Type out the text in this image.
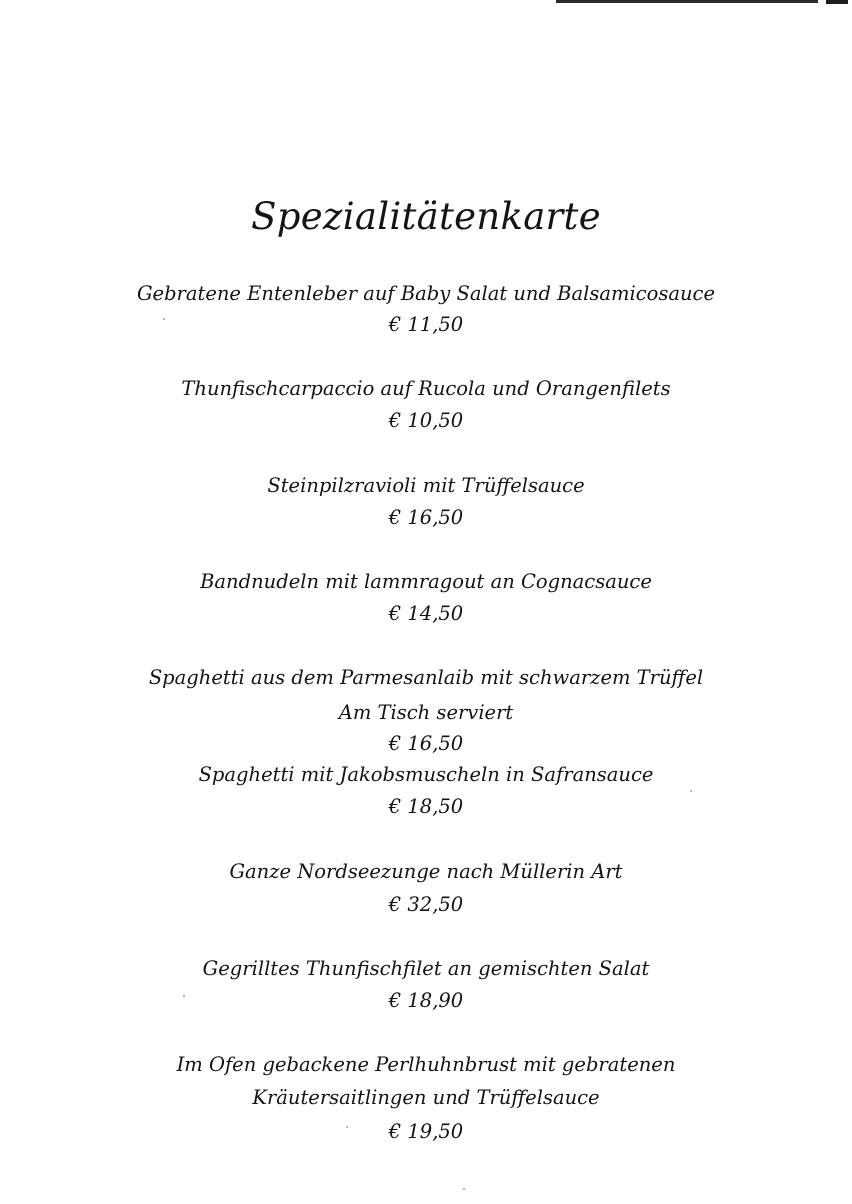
Spezialitätenkarte
Gebratene Entenleber auf Baby Salat und Balsamicosauce
€ 11,50
Thunfischcarpaccio auf Rucola und Orangenfilets
€ 10,50
Steinpilzravioli mit Trüffelsauce
€ 16,50
Bandnudeln mit lammragout an Cognacsauce
€ 14,50
Spaghetti aus dem Parmesanlaib mit schwarzem Trüffel
Am Tisch serviert
€ 16,50
Spaghetti mit Jakobsmuscheln in Safransauce
€ 18,50
Ganze Nordseezunge nach Müllerin Art
€ 32,50
Gegrilltes Thunfischfilet an gemischten Salat
€ 18,90
Im Ofen gebackene Perlhuhnbrust mit gebratenen
Kräutersaitlingen und Trüffelsauce
€ 19,50
